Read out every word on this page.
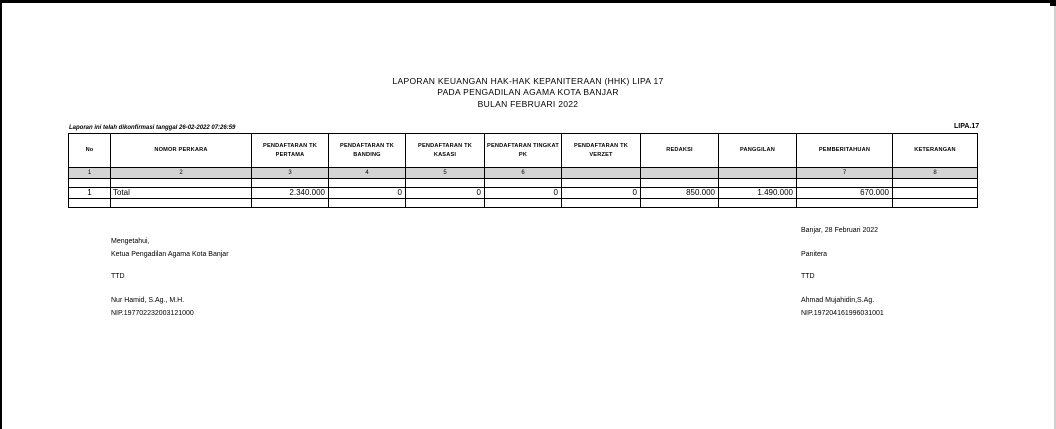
LAPORAN KEUANGAN HAK-HAK KEPANITERAAN (HHK) LIPA 17
PADA PENGADILAN AGAMA KOTA BANJAR
BULAN FEBRUARI 2022
Laporan ini telah dikonfirmasi tanggal 26-02-2022 07:26:59	LIPA.17
No	NOMOR PERKARA	PENDAFTARAN TK PERTAMA	PENDAFTARAN TK BANDING	PENDAFTARAN TK KASASI	PENDAFTARAN TINGKAT PK	PENDAFTARAN TK VERZET	REDAKSI	PANGGILAN	PEMBERITAHUAN	KETERANGAN
1	2	3	4	5	6				7	8

1	Total	2.340.000	0	0	0	0	850.000	1.490.000	670.000	

Mengetahui,
Ketua Pengadilan Agama Kota Banjar
TTD
Nur Hamid, S.Ag., M.H.
NIP.197702232003121000
Banjar, 28 Februari 2022
Panitera
TTD
Ahmad Mujahidin,S.Ag.
NIP.197204161996031001
